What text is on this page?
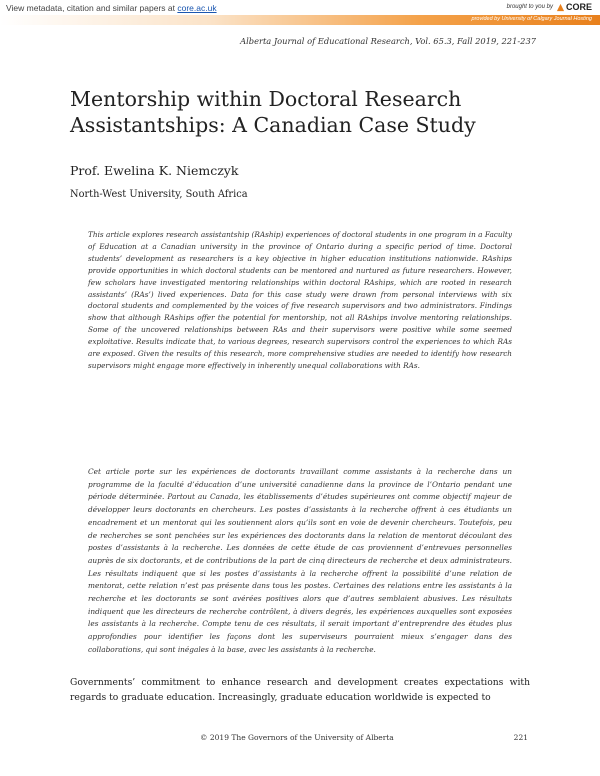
View metadata, citation and similar papers at core.ac.uk	brought to you by CORE
provided by University of Calgary Journal Hosting
Alberta Journal of Educational Research, Vol. 65.3, Fall 2019, 221-237
Mentorship within Doctoral Research Assistantships: A Canadian Case Study
Prof. Ewelina K. Niemczyk
North-West University, South Africa

This article explores research assistantship (RAship) experiences of doctoral students in one program in a Faculty of Education at a Canadian university in the province of Ontario during a specific period of time. Doctoral students’ development as researchers is a key objective in higher education institutions nationwide. RAships provide opportunities in which doctoral students can be mentored and nurtured as future researchers. However, few scholars have investigated mentoring relationships within doctoral RAships, which are rooted in research assistants’ (RAs’) lived experiences. Data for this case study were drawn from personal interviews with six doctoral students and complemented by the voices of five research supervisors and two administrators. Findings show that although RAships offer the potential for mentorship, not all RAships involve mentoring relationships. Some of the uncovered relationships between RAs and their supervisors were positive while some seemed exploitative. Results indicate that, to various degrees, research supervisors control the experiences to which RAs are exposed. Given the results of this research, more comprehensive studies are needed to identify how research supervisors might engage more effectively in inherently unequal collaborations with RAs.

Cet article porte sur les expériences de doctorants travaillant comme assistants à la recherche dans un programme de la faculté d’éducation d’une université canadienne dans la province de l’Ontario pendant une période déterminée. Partout au Canada, les établissements d’études supérieures ont comme objectif majeur de développer leurs doctorants en chercheurs. Les postes d’assistants à la recherche offrent à ces étudiants un encadrement et un mentorat qui les soutiennent alors qu’ils sont en voie de devenir chercheurs. Toutefois, peu de recherches se sont penchées sur les expériences des doctorants dans la relation de mentorat découlant des postes d’assistants à la recherche. Les données de cette étude de cas proviennent d’entrevues personnelles auprès de six doctorants, et de contributions de la part de cinq directeurs de recherche et deux administrateurs. Les résultats indiquent que si les postes d’assistants à la recherche offrent la possibilité d’une relation de mentorat, cette relation n’est pas présente dans tous les postes. Certaines des relations entre les assistants à la recherche et les doctorants se sont avérées positives alors que d’autres semblaient abusives. Les résultats indiquent que les directeurs de recherche contrôlent, à divers degrés, les expériences auxquelles sont exposées les assistants à la recherche. Compte tenu de ces résultats, il serait important d’entreprendre des études plus approfondies pour identifier les façons dont les superviseurs pourraient mieux s’engager dans des collaborations, qui sont inégales à la base, avec les assistants à la recherche.

Governments’ commitment to enhance research and development creates expectations with regards to graduate education. Increasingly, graduate education worldwide is expected to

© 2019 The Governors of the University of Alberta	221
